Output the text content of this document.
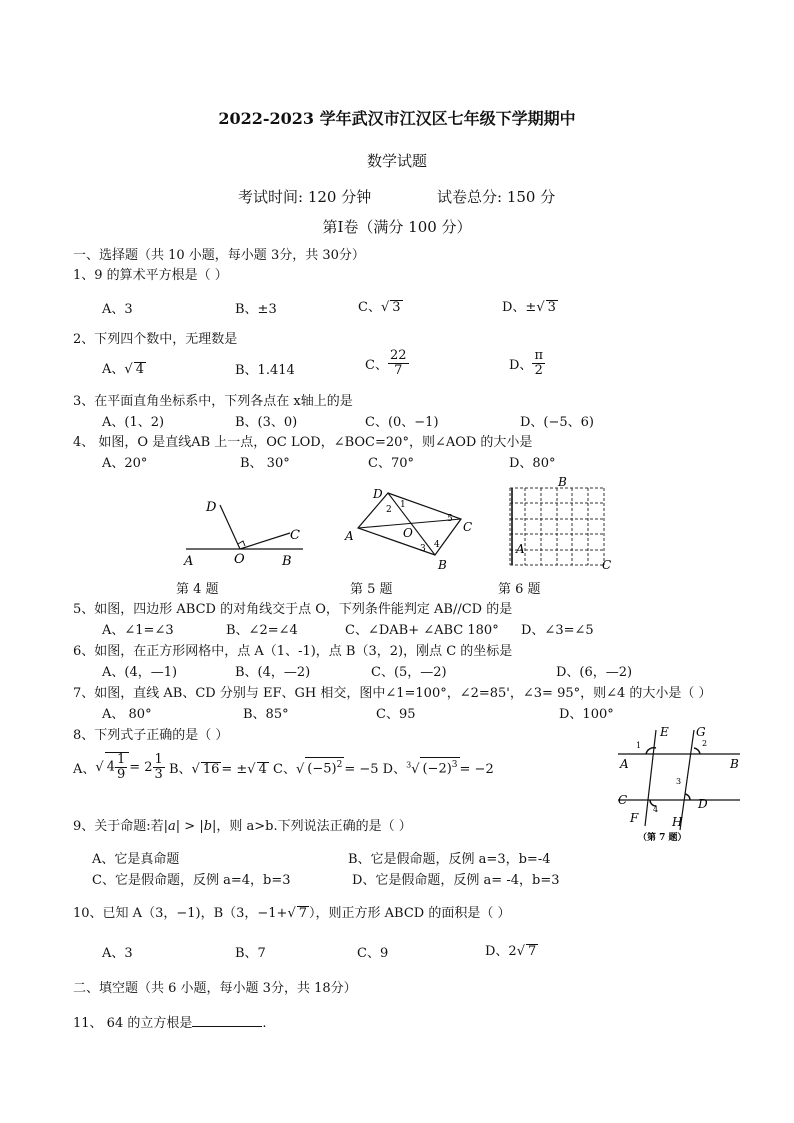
2022-2023 学年武汉市江汉区七年级下学期期中
数学试题
考试时间: 120 分钟	试卷总分: 150 分
第Ⅰ卷（满分 100 分）
一、选择题（共 10 小题，每小题 3分，共 30分）
1、9 的算术平方根是（ ）
A、3	B、±3	C、√ 3	D、±√ 3
2、下列四个数中，无理数是
A、√ 4	B、1.414	C、 $\frac{22}{7}$	D、 $\frac{\pi}{2}$
3、在平面直角坐标系中，下列各点在 x轴上的是
A、(1、2)	B、(3、0)	C、(0、−1)	D、(−5、6)
4、 如图，O 是直线AB 上一点，OC LOD，∠BOC=20°，则∠AOD 的大小是
A、20°	B、 30°	C、70°	D、80°
D
A	O	B
C
第 4 题
D
A	O
B
C
1
2
3 4
5
第 5 题
B
A
C
第 6 题
5、如图，四边形 ABCD 的对角线交于点 O，下列条件能判定 AB//CD 的是
A、∠1=∠3	B、∠2=∠4	C、∠DAB+ ∠ABC 180° D、∠3=∠5
6、如图，在正方形网格中，点 A（1、-1)，点 B（3，2)，刚点 C 的坐标是
A、(4，—1)	B、(4，—2)	C、(5，—2)	D、(6，—2)
7、如图，直线 AB、CD 分别与 EF、GH 相交，图中∠1=100°，∠2=85'，∠3= 95°，则∠4 的大小是（ ）
A、 80°	B、85°	C、95	D、100°
E G
A	B
C	D
F	H
1	2
3
4
（第 7 题）
8、下列式子正确的是（ ）
A、√ $4 \frac{1}{9} = 2 \frac{1}{3}$ B、√ 16 = ±√ 4 C、√ $(-5)^2 = -5$ D、$^3$√ $(-2)^3 = -2$
9、关于命题:若|a| > |b|，则 a>b.下列说法正确的是（ ）
A、它是真命题	B、它是假命题，反例 a=3，b=-4
C、它是假命题，反例 a=4，b=3	D、它是假命题，反例 a= -4，b=3
10、已知 A（3，−1)，B（3，−1+√ 7 ），则正方形 ABCD 的面积是（ ）
A、3	B、7	C、9	D、2√ 7
二、填空题（共 6 小题，每小题 3分，共 18分）
11、 64 的立方根是	.
